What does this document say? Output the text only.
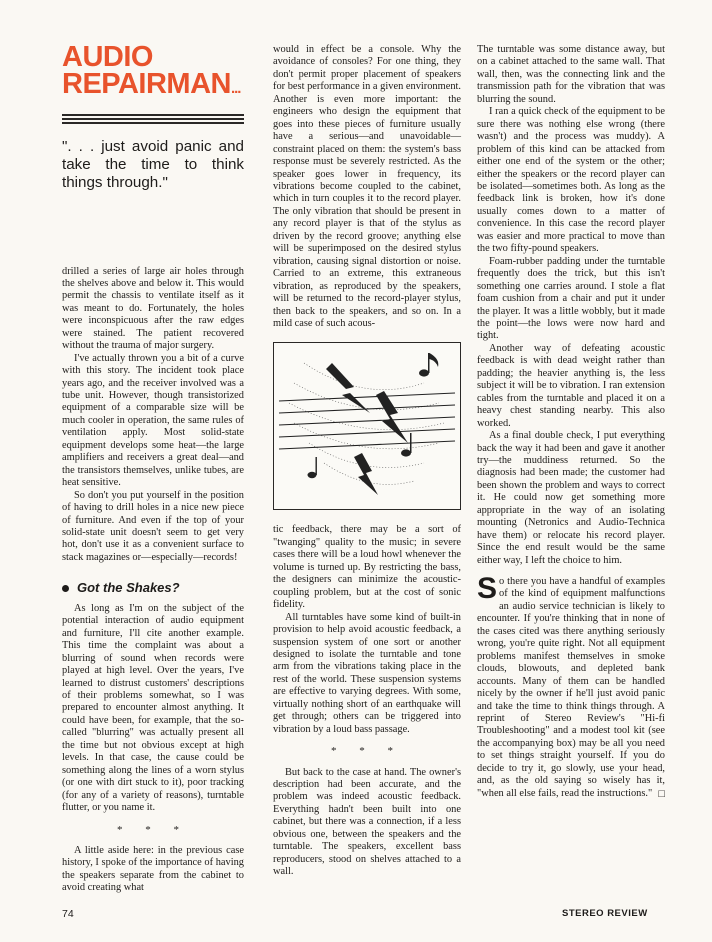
AUDIO
REPAIRMAN...
". . . just avoid panic and take the time to think things through."

drilled a series of large air holes through the shelves above and below it. This would permit the chassis to ventilate itself as it was meant to do. Fortunately, the holes were inconspicuous after the raw edges were stained. The patient recovered without the trauma of major surgery.

I've actually thrown you a bit of a curve with this story. The incident took place years ago, and the receiver involved was a tube unit. However, though transistorized equipment of a comparable size will be much cooler in operation, the same rules of ventilation apply. Most solid-state equipment develops some heat—the large amplifiers and receivers a great deal—and the transistors themselves, unlike tubes, are heat sensitive.

So don't you put yourself in the position of having to drill holes in a nice new piece of furniture. And even if the top of your solid-state unit doesn't seem to get very hot, don't use it as a convenient surface to stack magazines or—especially—records!

Got the Shakes?

As long as I'm on the subject of the potential interaction of audio equipment and furniture, I'll cite another example. This time the complaint was about a blurring of sound when records were played at high level. Over the years, I've learned to distrust customers' descriptions of their problems somewhat, so I was prepared to encounter almost anything. It could have been, for example, that the so-called "blurring" was actually present all the time but not obvious except at high levels. In that case, the cause could be something along the lines of a worn stylus (or one with dirt stuck to it), poor tracking (for any of a variety of reasons), turntable flutter, or you name it.

* * *

A little aside here: in the previous case history, I spoke of the importance of having the speakers separate from the cabinet to avoid creating what

would in effect be a console. Why the avoidance of consoles? For one thing, they don't permit proper placement of speakers for best performance in a given environment. Another is even more important: the engineers who design the equipment that goes into these pieces of furniture usually have a serious—and unavoidable—constraint placed on them: the system's bass response must be severely restricted. As the speaker goes lower in frequency, its vibrations become coupled to the cabinet, which in turn couples it to the record player. The only vibration that should be present in any record player is that of the stylus as driven by the record groove; anything else will be superimposed on the desired stylus vibration, causing signal distortion or noise. Carried to an extreme, this extraneous vibration, as reproduced by the speakers, will be returned to the record-player stylus, then back to the speakers, and so on. In a mild case of such acous-

tic feedback, there may be a sort of "twanging" quality to the music; in severe cases there will be a loud howl whenever the volume is turned up. By restricting the bass, the designers can minimize the acoustic-coupling problem, but at the cost of sonic fidelity.

All turntables have some kind of built-in provision to help avoid acoustic feedback, a suspension system of one sort or another designed to isolate the turntable and tone arm from the vibrations taking place in the rest of the world. These suspension systems are effective to varying degrees. With some, virtually nothing short of an earthquake will get through; others can be triggered into vibration by a loud bass passage.

* * *

But back to the case at hand. The owner's description had been accurate, and the problem was indeed acoustic feedback. Everything hadn't been built into one cabinet, but there was a connection, if a less obvious one, between the speakers and the turntable. The speakers, excellent bass reproducers, stood on shelves attached to a wall.

The turntable was some distance away, but on a cabinet attached to the same wall. That wall, then, was the connecting link and the transmission path for the vibration that was blurring the sound.

I ran a quick check of the equipment to be sure there was nothing else wrong (there wasn't) and the process was muddy). A problem of this kind can be attacked from either one end of the system or the other; either the speakers or the record player can be isolated—sometimes both. As long as the feedback link is broken, how it's done usually comes down to a matter of convenience. In this case the record player was easier and more practical to move than the two fifty-pound speakers.

Foam-rubber padding under the turntable frequently does the trick, but this isn't something one carries around. I stole a flat foam cushion from a chair and put it under the player. It was a little wobbly, but it made the point—the lows were now hard and tight.

Another way of defeating acoustic feedback is with dead weight rather than padding; the heavier anything is, the less subject it will be to vibration. I ran extension cables from the turntable and placed it on a heavy chest standing nearby. This also worked.

As a final double check, I put everything back the way it had been and gave it another try—the muddiness returned. So the diagnosis had been made; the customer had been shown the problem and ways to correct it. He could now get something more appropriate in the way of an isolating mounting (Netronics and Audio-Technica have them) or relocate his record player. Since the end result would be the same either way, I left the choice to him.

So there you have a handful of examples of the kind of equipment malfunctions an audio service technician is likely to encounter. If you're thinking that in none of the cases cited was there anything seriously wrong, you're quite right. Not all equipment problems manifest themselves in smoke clouds, blowouts, and depleted bank accounts. Many of them can be handled nicely by the owner if he'll just avoid panic and take the time to think things through. A reprint of Stereo Review's "Hi-fi Troubleshooting" and a modest tool kit (see the accompanying box) may be all you need to set things straight yourself. If you do decide to try it, go slowly, use your head, and, as the old saying so wisely has it, "when all else fails, read the instructions." □

74	STEREO REVIEW
